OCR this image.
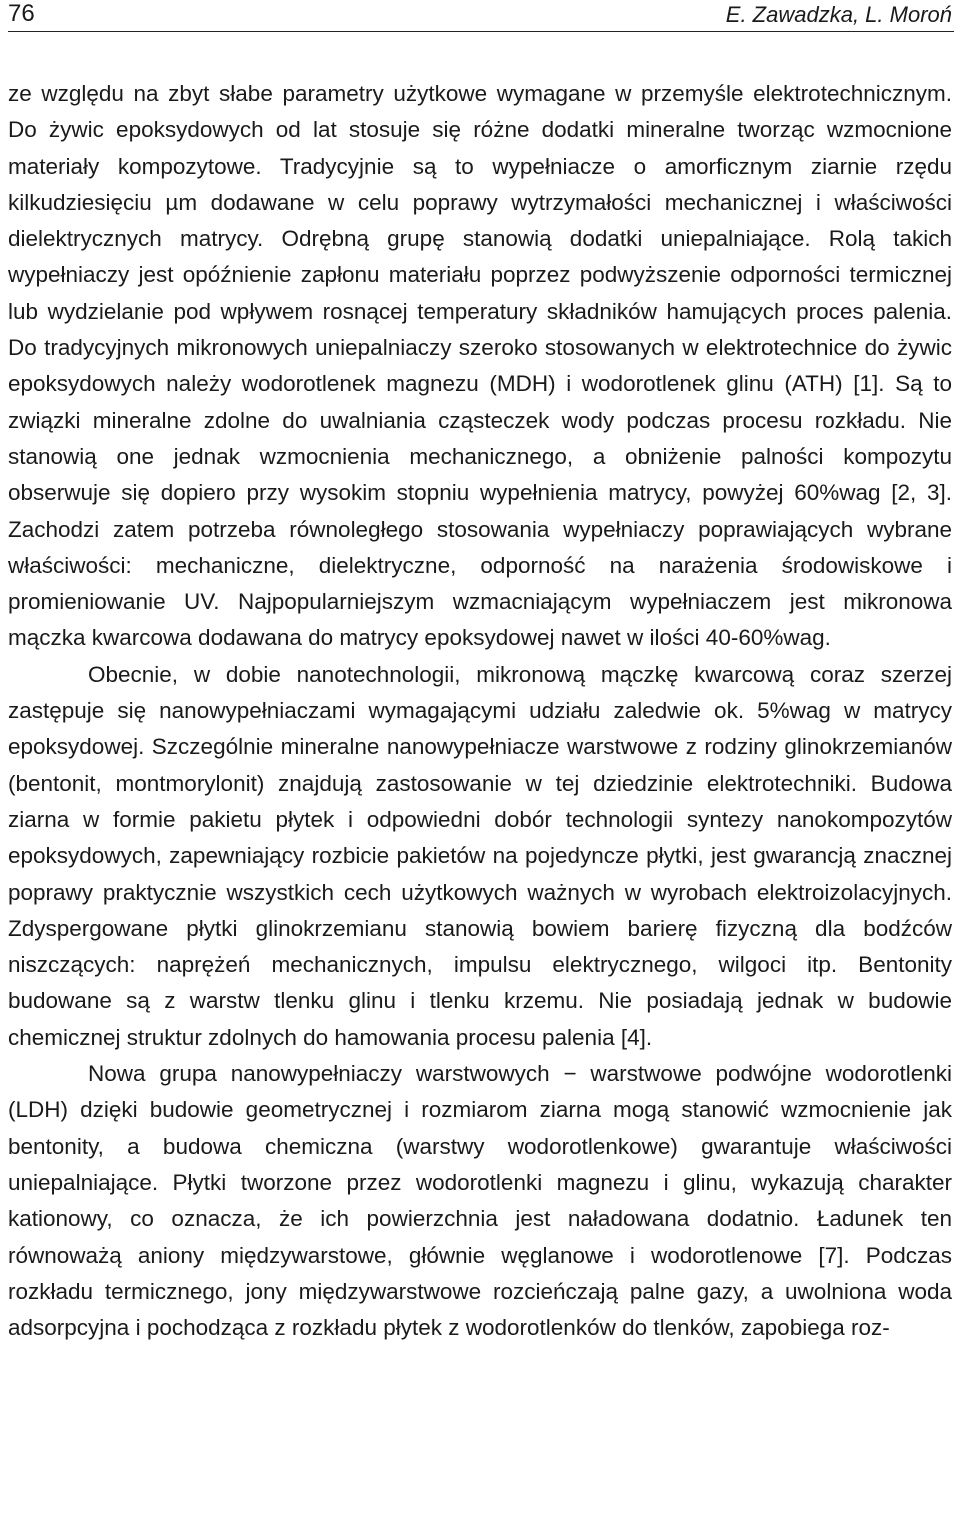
76	E. Zawadzka, L. Moroń

ze względu na zbyt słabe parametry użytkowe wymagane w przemyśle elektrotechnicznym. Do żywic epoksydowych od lat stosuje się różne dodatki mineralne tworząc wzmocnione materiały kompozytowe. Tradycyjnie są to wypełniacze o amorficznym ziarnie rzędu kilkudziesięciu µm dodawane w celu poprawy wytrzymałości mechanicznej i właściwości dielektrycznych matrycy. Odrębną grupę stanowią dodatki uniepalniające. Rolą takich wypełniaczy jest opóźnienie zapłonu materiału poprzez podwyższenie odporności termicznej lub wydzielanie pod wpływem rosnącej temperatury składników hamujących proces palenia. Do tradycyjnych mikronowych uniepalniaczy szeroko stosowanych w elektrotechnice do żywic epoksydowych należy wodorotlenek magnezu (MDH) i wodorotlenek glinu (ATH) [1]. Są to związki mineralne zdolne do uwalniania cząsteczek wody podczas procesu rozkładu. Nie stanowią one jednak wzmocnienia mechanicznego, a obniżenie palności kompozytu obserwuje się dopiero przy wysokim stopniu wypełnienia matrycy, powyżej 60%wag [2, 3]. Zachodzi zatem potrzeba równoległego stosowania wypełniaczy poprawiających wybrane właściwości: mechaniczne, dielektryczne, odporność na narażenia środowiskowe i promieniowanie UV. Najpopularniejszym wzmacniającym wypełniaczem jest mikronowa mączka kwarcowa dodawana do matrycy epoksydowej nawet w ilości 40-60%wag.

Obecnie, w dobie nanotechnologii, mikronową mączkę kwarcową coraz szerzej zastępuje się nanowypełniaczami wymagającymi udziału zaledwie ok. 5%wag w matrycy epoksydowej. Szczególnie mineralne nanowypełniacze warstwowe z rodziny glinokrzemianów (bentonit, montmorylonit) znajdują zastosowanie w tej dziedzinie elektrotechniki. Budowa ziarna w formie pakietu płytek i odpowiedni dobór technologii syntezy nanokompozytów epoksydowych, zapewniający rozbicie pakietów na pojedyncze płytki, jest gwarancją znacznej poprawy praktycznie wszystkich cech użytkowych ważnych w wyrobach elektroizolacyjnych. Zdyspergowane płytki glinokrzemianu stanowią bowiem barierę fizyczną dla bodźców niszczących: naprężeń mechanicznych, impulsu elektrycznego, wilgoci itp. Bentonity budowane są z warstw tlenku glinu i tlenku krzemu. Nie posiadają jednak w budowie chemicznej struktur zdolnych do hamowania procesu palenia [4].

Nowa grupa nanowypełniaczy warstwowych − warstwowe podwójne wodorotlenki (LDH) dzięki budowie geometrycznej i rozmiarom ziarna mogą stanowić wzmocnienie jak bentonity, a budowa chemiczna (warstwy wodorotlenkowe) gwarantuje właściwości uniepalniające. Płytki tworzone przez wodorotlenki magnezu i glinu, wykazują charakter kationowy, co oznacza, że ich powierzchnia jest naładowana dodatnio. Ładunek ten równoważą aniony międzywarstowe, głównie węglanowe i wodorotlenowe [7]. Podczas rozkładu termicznego, jony międzywarstwowe rozcieńczają palne gazy, a uwolniona woda adsorpcyjna i pochodząca z rozkładu płytek z wodorotlenków do tlenków, zapobiega roz-
